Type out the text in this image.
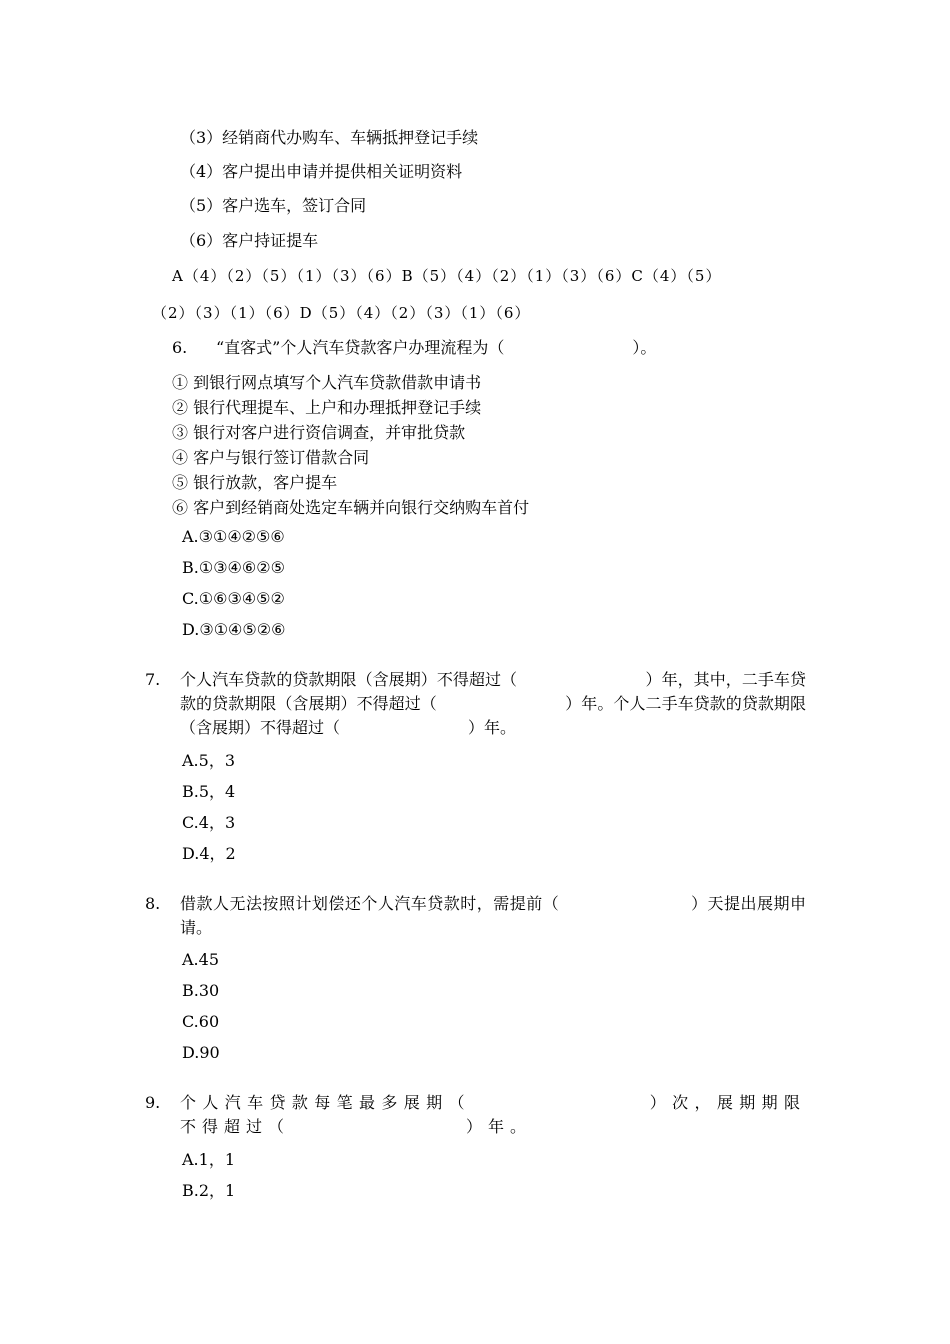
（3）经销商代办购车、车辆抵押登记手续
（4）客户提出申请并提供相关证明资料
（5）客户选车，签订合同
（6）客户持证提车
A（4）（2）（5）（1）（3）（6）B（5）（4）（2）（1）（3）（6）C（4）（5）
（2）（3）（1）（6）D（5）（4）（2）（3）（1）（6）
6. “直客式”个人汽车贷款客户办理流程为（　　　　　　　　）。
① 到银行网点填写个人汽车贷款借款申请书
② 银行代理提车、上户和办理抵押登记手续
③ 银行对客户进行资信调查，并审批贷款
④ 客户与银行签订借款合同
⑤ 银行放款，客户提车
⑥ 客户到经销商处选定车辆并向银行交纳购车首付
A.③①④②⑤⑥
B.①③④⑥②⑤
C.①⑥③④⑤②
D.③①④⑤②⑥
7. 个人汽车贷款的贷款期限（含展期）不得超过（　　　　　　　　）年，其中，二手车贷款的贷款期限（含展期）不得超过（　　　　　　　　）年。个人二手车贷款的贷款期限（含展期）不得超过（　　　　　　　　）年。
A.5，3
B.5，4
C.4，3
D.4，2
8. 借款人无法按照计划偿还个人汽车贷款时，需提前（　　　　　　　　）天提出展期申请。
A.45
B.30
C.60
D.90
9. 个人汽车贷款每笔最多展期（　　　　　　　　）次，展期期限不得超过（　　　　　　　　）年。
A.1，1
B.2，1
